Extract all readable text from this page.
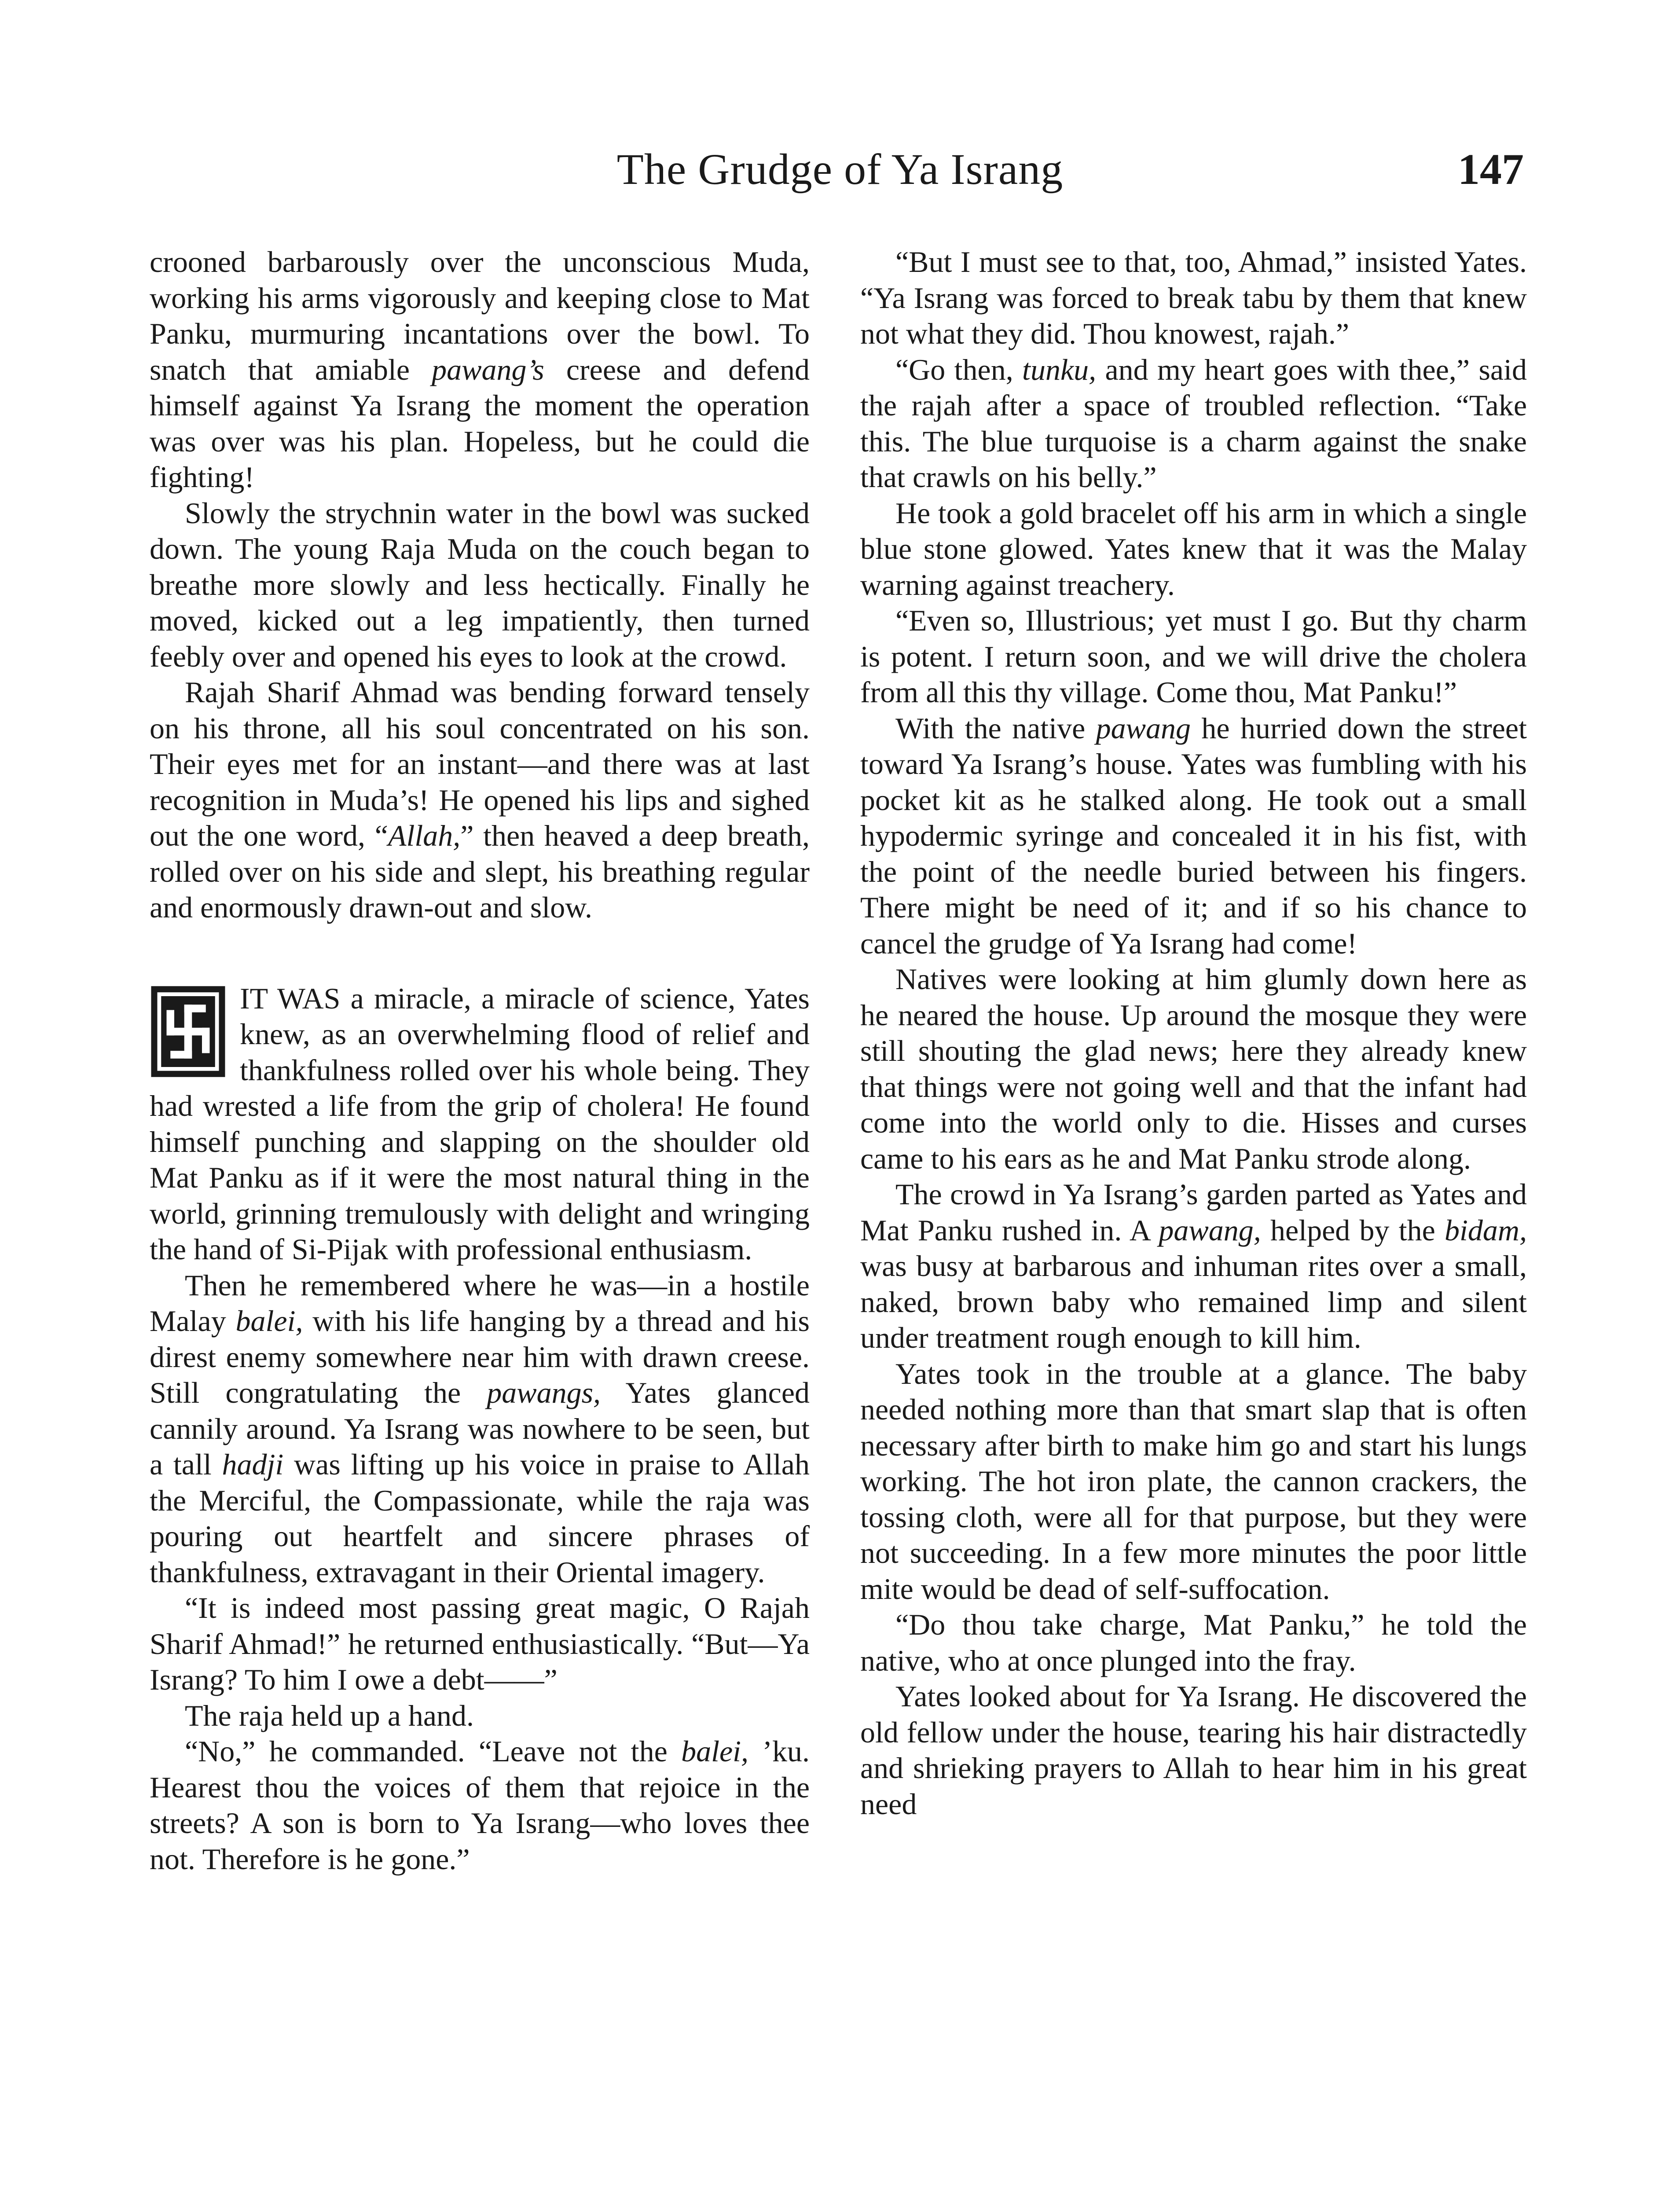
The Grudge of Ya Israng	147

crooned barbarously over the unconscious Muda, working his arms vigorously and keeping close to Mat Panku, murmuring incantations over the bowl. To snatch that amiable pawang’s creese and defend himself against Ya Israng the moment the operation was over was his plan. Hopeless, but he could die fighting!

Slowly the strychnin water in the bowl was sucked down. The young Raja Muda on the couch began to breathe more slowly and less hectically. Finally he moved, kicked out a leg impatiently, then turned feebly over and opened his eyes to look at the crowd.

Rajah Sharif Ahmad was bending forward tensely on his throne, all his soul concentrated on his son. Their eyes met for an instant—and there was at last recognition in Muda’s! He opened his lips and sighed out the one word, “Allah,” then heaved a deep breath, rolled over on his side and slept, his breathing regular and enormously drawn-out and slow.

IT WAS a miracle, a miracle of science, Yates knew, as an overwhelming flood of relief and thankfulness rolled over his whole being. They had wrested a life from the grip of cholera! He found himself punching and slapping on the shoulder old Mat Panku as if it were the most natural thing in the world, grinning tremulously with delight and wringing the hand of Si-Pijak with professional enthusiasm.

Then he remembered where he was—in a hostile Malay balei, with his life hanging by a thread and his direst enemy somewhere near him with drawn creese. Still congratulating the pawangs, Yates glanced cannily around. Ya Israng was nowhere to be seen, but a tall hadji was lifting up his voice in praise to Allah the Merciful, the Compassionate, while the raja was pouring out heartfelt and sincere phrases of thankfulness, extravagant in their Oriental imagery.

“It is indeed most passing great magic, O Rajah Sharif Ahmad!” he returned enthusiastically. “But—Ya Israng? To him I owe a debt——”

The raja held up a hand.

“No,” he commanded. “Leave not the balei, ’ku. Hearest thou the voices of them that rejoice in the streets? A son is born to Ya Israng—who loves thee not. Therefore is he gone.”

“But I must see to that, too, Ahmad,” insisted Yates. “Ya Israng was forced to break tabu by them that knew not what they did. Thou knowest, rajah.”

“Go then, tunku, and my heart goes with thee,” said the rajah after a space of troubled reflection. “Take this. The blue turquoise is a charm against the snake that crawls on his belly.”

He took a gold bracelet off his arm in which a single blue stone glowed. Yates knew that it was the Malay warning against treachery.

“Even so, Illustrious; yet must I go. But thy charm is potent. I return soon, and we will drive the cholera from all this thy village. Come thou, Mat Panku!”

With the native pawang he hurried down the street toward Ya Israng’s house. Yates was fumbling with his pocket kit as he stalked along. He took out a small hypodermic syringe and concealed it in his fist, with the point of the needle buried between his fingers. There might be need of it; and if so his chance to cancel the grudge of Ya Israng had come!

Natives were looking at him glumly down here as he neared the house. Up around the mosque they were still shouting the glad news; here they already knew that things were not going well and that the infant had come into the world only to die. Hisses and curses came to his ears as he and Mat Panku strode along.

The crowd in Ya Israng’s garden parted as Yates and Mat Panku rushed in. A pawang, helped by the bidam, was busy at barbarous and inhuman rites over a small, naked, brown baby who remained limp and silent under treatment rough enough to kill him.

Yates took in the trouble at a glance. The baby needed nothing more than that smart slap that is often necessary after birth to make him go and start his lungs working. The hot iron plate, the cannon crackers, the tossing cloth, were all for that purpose, but they were not succeeding. In a few more minutes the poor little mite would be dead of self-suffocation.

“Do thou take charge, Mat Panku,” he told the native, who at once plunged into the fray.

Yates looked about for Ya Israng. He discovered the old fellow under the house, tearing his hair distractedly and shrieking prayers to Allah to hear him in his great need
